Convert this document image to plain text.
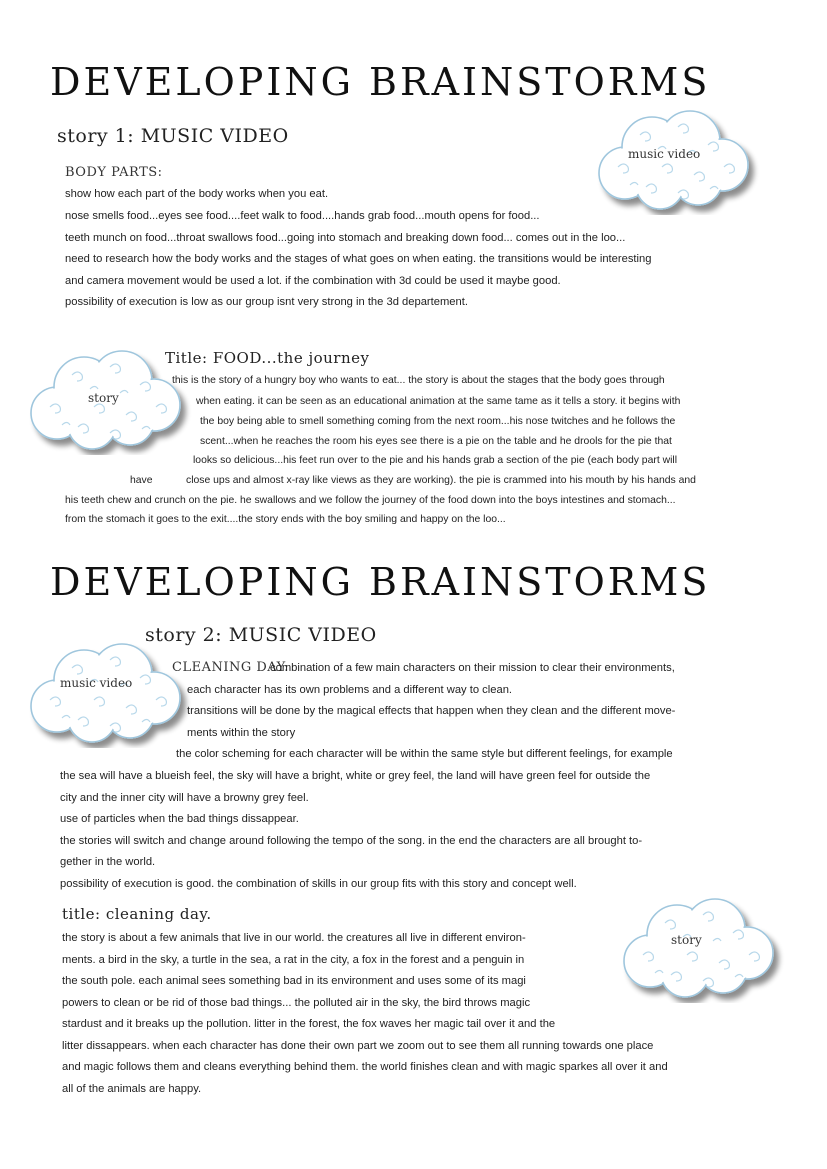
DEVELOPING BRAINSTORMS
story 1: MUSIC VIDEO
music video
BODY PARTS:
show how each part of the body works when you eat.
nose smells food...eyes see food....feet walk to food....hands grab food...mouth opens for food...
teeth munch on food...throat swallows food...going into stomach and breaking down food... comes out in the loo...
need to research how the body works and the stages of what goes on when eating. the transitions would be interesting
and camera movement would be used a lot. if the combination with 3d could be used it maybe good.
possibility of execution is low as our group isnt very strong in the 3d departement.
story
Title: FOOD...the journey
this is the story of a hungry boy who wants to eat... the story is about the stages that the body goes through
when eating. it can be seen as an educational animation at the same tame as it tells a story. it begins with
the boy being able to smell something coming from the next room...his nose twitches and he follows the
scent...when he reaches the room his eyes see there is a pie on the table and he drools for the pie that
looks so delicious...his feet run over to the pie and his hands grab a section of the pie (each body part will
have	close ups and almost x-ray like views as they are working). the pie is crammed into his mouth by his hands and
his teeth chew and crunch on the pie. he swallows and we follow the journey of the food down into the boys intestines and stomach...
from the stomach it goes to the exit....the story ends with the boy smiling and happy on the loo...
DEVELOPING BRAINSTORMS
story 2: MUSIC VIDEO
music video
CLEANING DAY:
combination of a few main characters on their mission to clear their environments,
each character has its own problems and a different way to clean.
transitions will be done by the magical effects that happen when they clean and the different move-
ments within the story
the color scheming for each character will be within the same style but different feelings, for example
the sea will have a blueish feel, the sky will have a bright, white or grey feel, the land will have green feel for outside the
city and the inner city will have a browny grey feel.
use of particles when the bad things dissappear.
the stories will switch and change around following the tempo of the song. in the end the characters are all brought to-
gether in the world.
possibility of execution is good. the combination of skills in our group fits with this story and concept well.
title: cleaning day.
story
the story is about a few animals that live in our world. the creatures all live in different environ-
ments. a bird in the sky, a turtle in the sea, a rat in the city, a fox in the forest and a penguin in
the south pole. each animal sees something bad in its environment and uses some of its magi
powers to clean or be rid of those bad things... the polluted air in the sky, the bird throws magic
stardust and it breaks up the pollution. litter in the forest, the fox waves her magic tail over it and the
litter dissappears. when each character has done their own part we zoom out to see them all running towards one place
and magic follows them and cleans everything behind them. the world finishes clean and with magic sparkes all over it and
all of the animals are happy.
